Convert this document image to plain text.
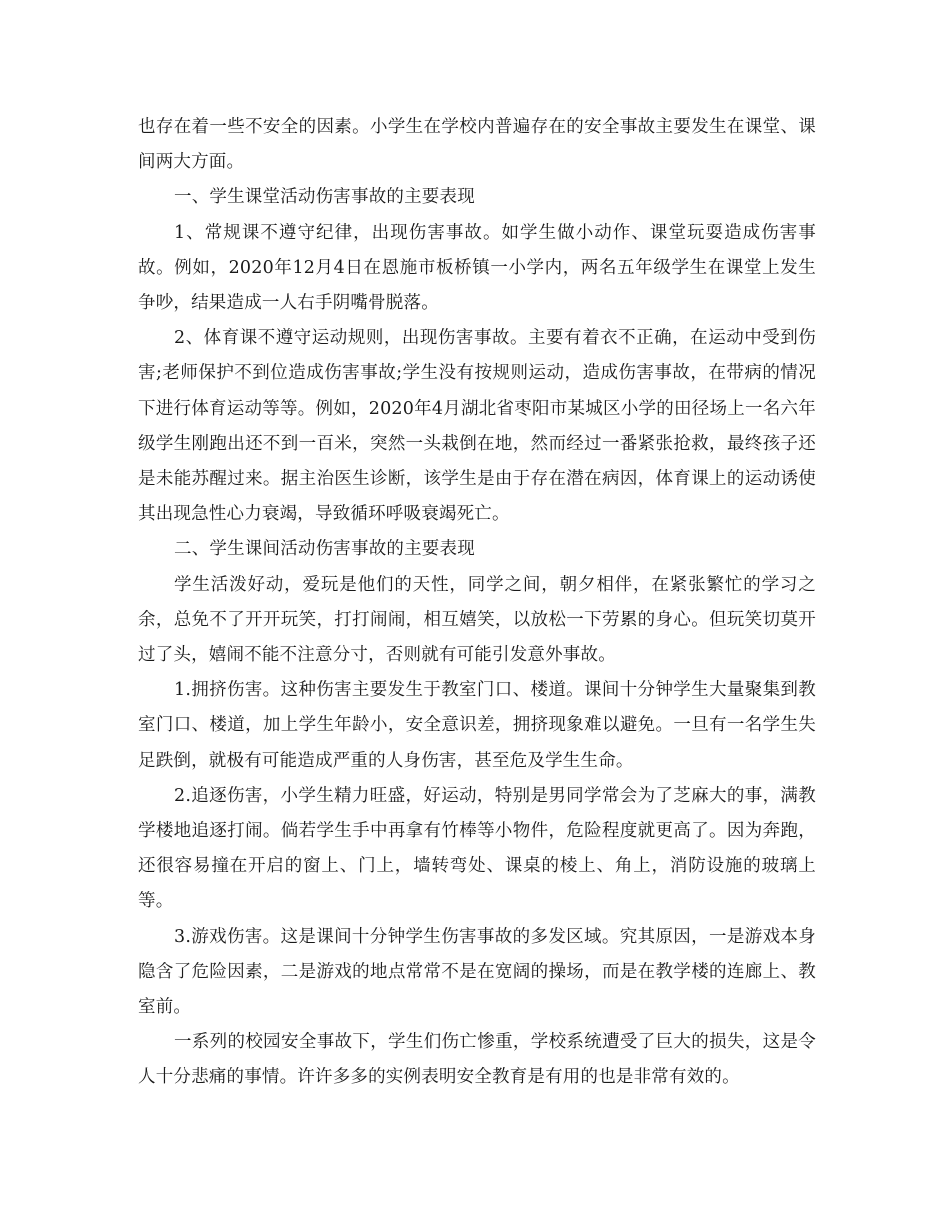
也存在着一些不安全的因素。小学生在学校内普遍存在的安全事故主要发生在课堂、课间两大方面。

一、学生课堂活动伤害事故的主要表现

1、常规课不遵守纪律，出现伤害事故。如学生做小动作、课堂玩耍造成伤害事故。例如，2020年12月4日在恩施市板桥镇一小学内，两名五年级学生在课堂上发生争吵，结果造成一人右手阴嘴骨脱落。

2、体育课不遵守运动规则，出现伤害事故。主要有着衣不正确，在运动中受到伤害;老师保护不到位造成伤害事故;学生没有按规则运动，造成伤害事故，在带病的情况下进行体育运动等等。例如，2020年4月湖北省枣阳市某城区小学的田径场上一名六年级学生刚跑出还不到一百米，突然一头栽倒在地，然而经过一番紧张抢救，最终孩子还是未能苏醒过来。据主治医生诊断，该学生是由于存在潜在病因，体育课上的运动诱使其出现急性心力衰竭，导致循环呼吸衰竭死亡。

二、学生课间活动伤害事故的主要表现

学生活泼好动，爱玩是他们的天性，同学之间，朝夕相伴，在紧张繁忙的学习之余，总免不了开开玩笑，打打闹闹，相互嬉笑，以放松一下劳累的身心。但玩笑切莫开过了头，嬉闹不能不注意分寸，否则就有可能引发意外事故。

1.拥挤伤害。这种伤害主要发生于教室门口、楼道。课间十分钟学生大量聚集到教室门口、楼道，加上学生年龄小，安全意识差，拥挤现象难以避免。一旦有一名学生失足跌倒，就极有可能造成严重的人身伤害，甚至危及学生生命。

2.追逐伤害，小学生精力旺盛，好运动，特别是男同学常会为了芝麻大的事，满教学楼地追逐打闹。倘若学生手中再拿有竹棒等小物件，危险程度就更高了。因为奔跑，还很容易撞在开启的窗上、门上，墙转弯处、课桌的棱上、角上，消防设施的玻璃上等。

3.游戏伤害。这是课间十分钟学生伤害事故的多发区域。究其原因，一是游戏本身隐含了危险因素，二是游戏的地点常常不是在宽阔的操场，而是在教学楼的连廊上、教室前。

一系列的校园安全事故下，学生们伤亡惨重，学校系统遭受了巨大的损失，这是令人十分悲痛的事情。许许多多的实例表明安全教育是有用的也是非常有效的。
